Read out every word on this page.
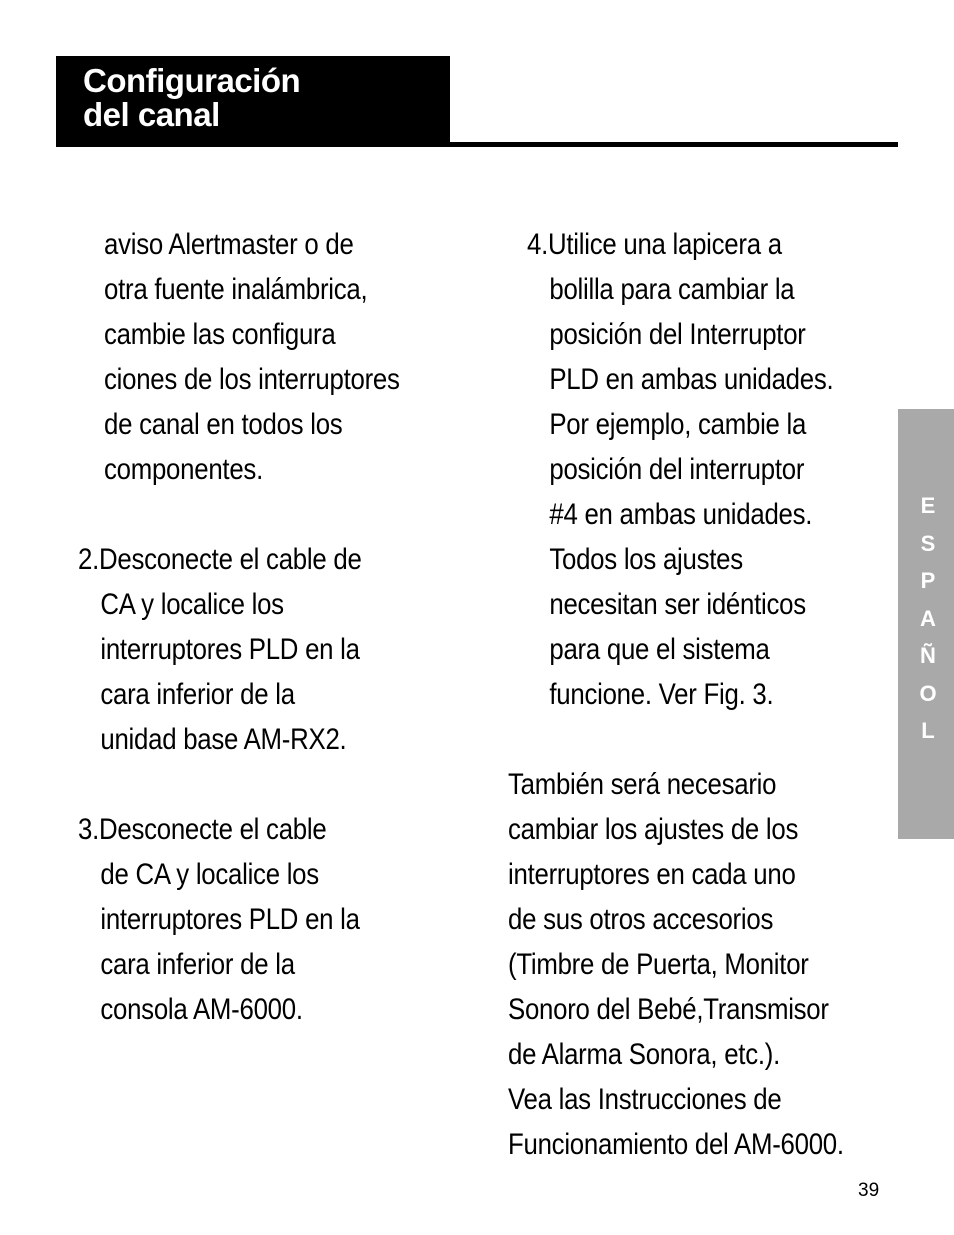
Configuración
del canal
aviso Alertmaster o de
otra fuente inalámbrica,
cambie las configura
ciones de los interruptores
de canal en todos los
componentes.
2.Desconecte el cable de
CA y localice los
interruptores PLD en la
cara inferior de la
unidad base AM-RX2.
3.Desconecte el cable
de CA y localice los
interruptores PLD en la
cara inferior de la
consola AM-6000.
4.Utilice una lapicera a
bolilla para cambiar la
posición del Interruptor
PLD en ambas unidades.
Por ejemplo, cambie la
posición del interruptor
#4 en ambas unidades.
Todos los ajustes
necesitan ser idénticos
para que el sistema
funcione. Ver Fig. 3.
También será necesario
cambiar los ajustes de los
interruptores en cada uno
de sus otros accesorios
(Timbre de Puerta, Monitor
Sonoro del Bebé,Transmisor
de Alarma Sonora, etc.).
Vea las Instrucciones de
Funcionamiento del AM-6000.
E
S
P
A
Ñ
O
L
39
